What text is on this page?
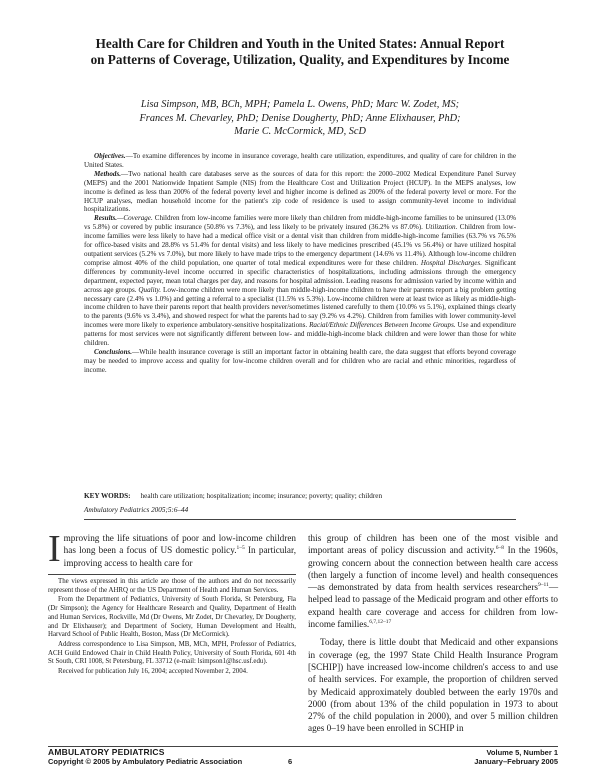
Health Care for Children and Youth in the United States: Annual Report
on Patterns of Coverage, Utilization, Quality, and Expenditures by Income
Lisa Simpson, MB, BCh, MPH; Pamela L. Owens, PhD; Marc W. Zodet, MS;
Frances M. Chevarley, PhD; Denise Dougherty, PhD; Anne Elixhauser, PhD;
Marie C. McCormick, MD, ScD

Objectives.—To examine differences by income in insurance coverage, health care utilization, expenditures, and quality of care for children in the United States.

Methods.—Two national health care databases serve as the sources of data for this report: the 2000–2002 Medical Expenditure Panel Survey (MEPS) and the 2001 Nationwide Inpatient Sample (NIS) from the Healthcare Cost and Utilization Project (HCUP). In the MEPS analyses, low income is defined as less than 200% of the federal poverty level and higher income is defined as 200% of the federal poverty level or more. For the HCUP analyses, median household income for the patient's zip code of residence is used to assign community-level income to individual hospitalizations.

Results.—Coverage. Children from low-income families were more likely than children from middle-high-income families to be uninsured (13.0% vs 5.8%) or covered by public insurance (50.8% vs 7.3%), and less likely to be privately insured (36.2% vs 87.0%). Utilization. Children from low-income families were less likely to have had a medical office visit or a dental visit than children from middle-high-income families (63.7% vs 76.5% for office-based visits and 28.8% vs 51.4% for dental visits) and less likely to have medicines prescribed (45.1% vs 56.4%) or have utilized hospital outpatient services (5.2% vs 7.0%), but more likely to have made trips to the emergency department (14.6% vs 11.4%). Although low-income children comprise almost 40% of the child population, one quarter of total medical expenditures were for these children. Hospital Discharges. Significant differences by community-level income occurred in specific characteristics of hospitalizations, including admissions through the emergency department, expected payer, mean total charges per day, and reasons for hospital admission. Leading reasons for admission varied by income within and across age groups. Quality. Low-income children were more likely than middle-high-income children to have their parents report a big problem getting necessary care (2.4% vs 1.0%) and getting a referral to a specialist (11.5% vs 5.3%). Low-income children were at least twice as likely as middle-high-income children to have their parents report that health providers never/sometimes listened carefully to them (10.0% vs 5.1%), explained things clearly to the parents (9.6% vs 3.4%), and showed respect for what the parents had to say (9.2% vs 4.2%). Children from families with lower community-level incomes were more likely to experience ambulatory-sensitive hospitalizations. Racial/Ethnic Differences Between Income Groups. Use and expenditure patterns for most services were not significantly different between low- and middle-high-income black children and were lower than those for white children.

Conclusions.—While health insurance coverage is still an important factor in obtaining health care, the data suggest that efforts beyond coverage may be needed to improve access and quality for low-income children overall and for children who are racial and ethnic minorities, regardless of income.

KEY WORDS: health care utilization; hospitalization; income; insurance; poverty; quality; children
Ambulatory Pediatrics 2005;5:6–44
Improving the life situations of poor and low-income children has long been a focus of US domestic policy.$^{1-5}$ In particular, improving access to health care for

The views expressed in this article are those of the authors and do not necessarily represent those of the AHRQ or the US Department of Health and Human Services.

From the Department of Pediatrics, University of South Florida, St Petersburg, Fla (Dr Simpson); the Agency for Healthcare Research and Quality, Department of Health and Human Services, Rockville, Md (Dr Owens, Mr Zodet, Dr Chevarley, Dr Dougherty, and Dr Elixhauser); and Department of Society, Human Development and Health, Harvard School of Public Health, Boston, Mass (Dr McCormick).

Address correspondence to Lisa Simpson, MB, MCh, MPH, Professor of Pediatrics, ACH Guild Endowed Chair in Child Health Policy, University of South Florida, 601 4th St South, CRI 1008, St Petersburg, FL 33712 (e-mail: lsimpson1@hsc.usf.edu).

Received for publication July 16, 2004; accepted November 2, 2004.

this group of children has been one of the most visible and important areas of policy discussion and activity.$^{6-8}$ In the 1960s, growing concern about the connection between health care access (then largely a function of income level) and health consequences—as demonstrated by data from health services researchers$^{9-11}$—helped lead to passage of the Medicaid program and other efforts to expand health care coverage and access for children from low-income families.$^{6,7,12-17}$

Today, there is little doubt that Medicaid and other expansions in coverage (eg, the 1997 State Child Health Insurance Program [SCHIP]) have increased low-income children's access to and use of health services. For example, the proportion of children served by Medicaid approximately doubled between the early 1970s and 2000 (from about 13% of the child population in 1973 to about 27% of the child population in 2000), and over 5 million children ages 0–19 have been enrolled in SCHIP in

AMBULATORY PEDIATRICS
Copyright © 2005 by Ambulatory Pediatric Association	6
Volume 5, Number 1
January–February 2005
